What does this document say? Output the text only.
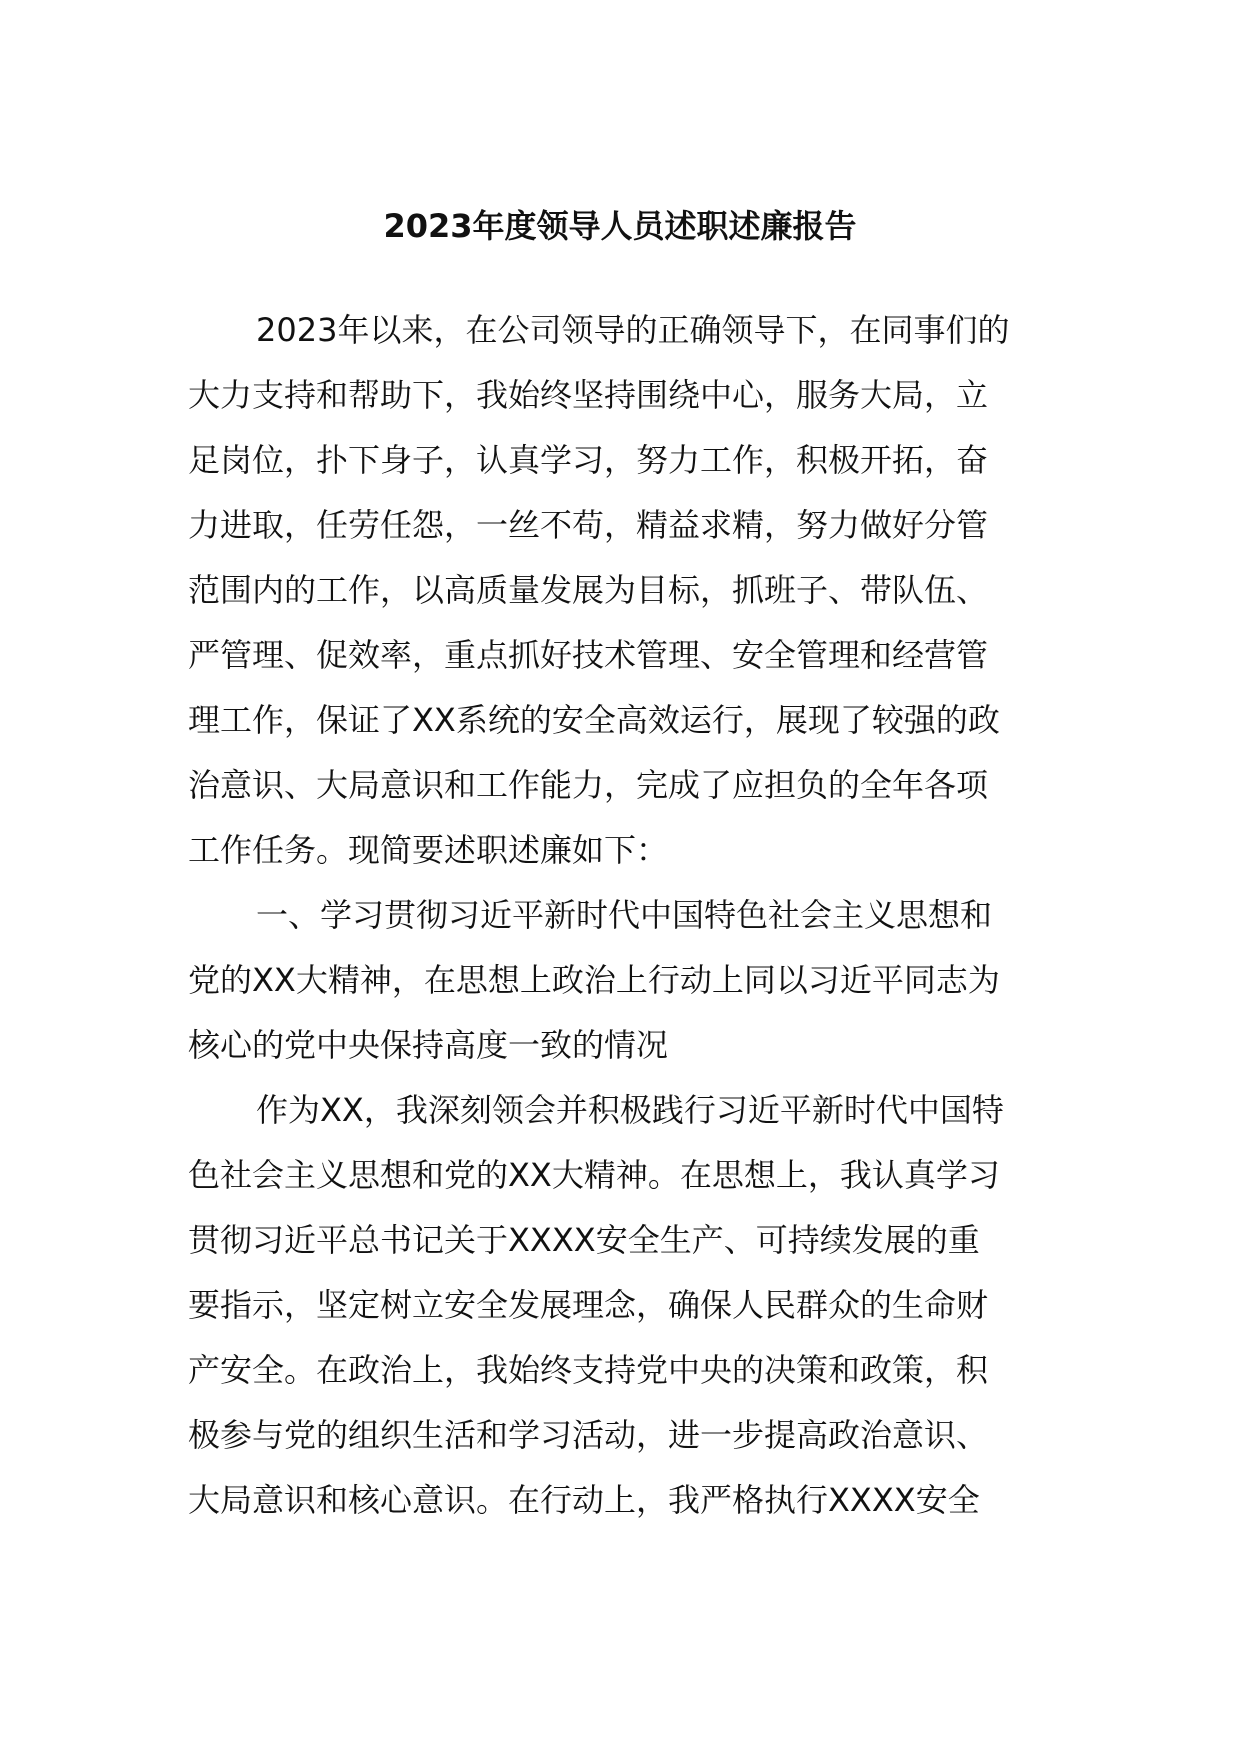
2023年度领导人员述职述廉报告
2023年以来，在公司领导的正确领导下，在同事们的
大力支持和帮助下，我始终坚持围绕中心，服务大局，立
足岗位，扑下身子，认真学习，努力工作，积极开拓，奋
力进取，任劳任怨，一丝不苟，精益求精，努力做好分管
范围内的工作，以高质量发展为目标，抓班子、带队伍、
严管理、促效率，重点抓好技术管理、安全管理和经营管
理工作，保证了XX系统的安全高效运行，展现了较强的政
治意识、大局意识和工作能力，完成了应担负的全年各项
工作任务。现简要述职述廉如下：
一、学习贯彻习近平新时代中国特色社会主义思想和
党的XX大精神，在思想上政治上行动上同以习近平同志为
核心的党中央保持高度一致的情况
作为XX，我深刻领会并积极践行习近平新时代中国特
色社会主义思想和党的XX大精神。在思想上，我认真学习
贯彻习近平总书记关于XXXX安全生产、可持续发展的重
要指示，坚定树立安全发展理念，确保人民群众的生命财
产安全。在政治上，我始终支持党中央的决策和政策，积
极参与党的组织生活和学习活动，进一步提高政治意识、
大局意识和核心意识。在行动上，我严格执行XXXX安全
